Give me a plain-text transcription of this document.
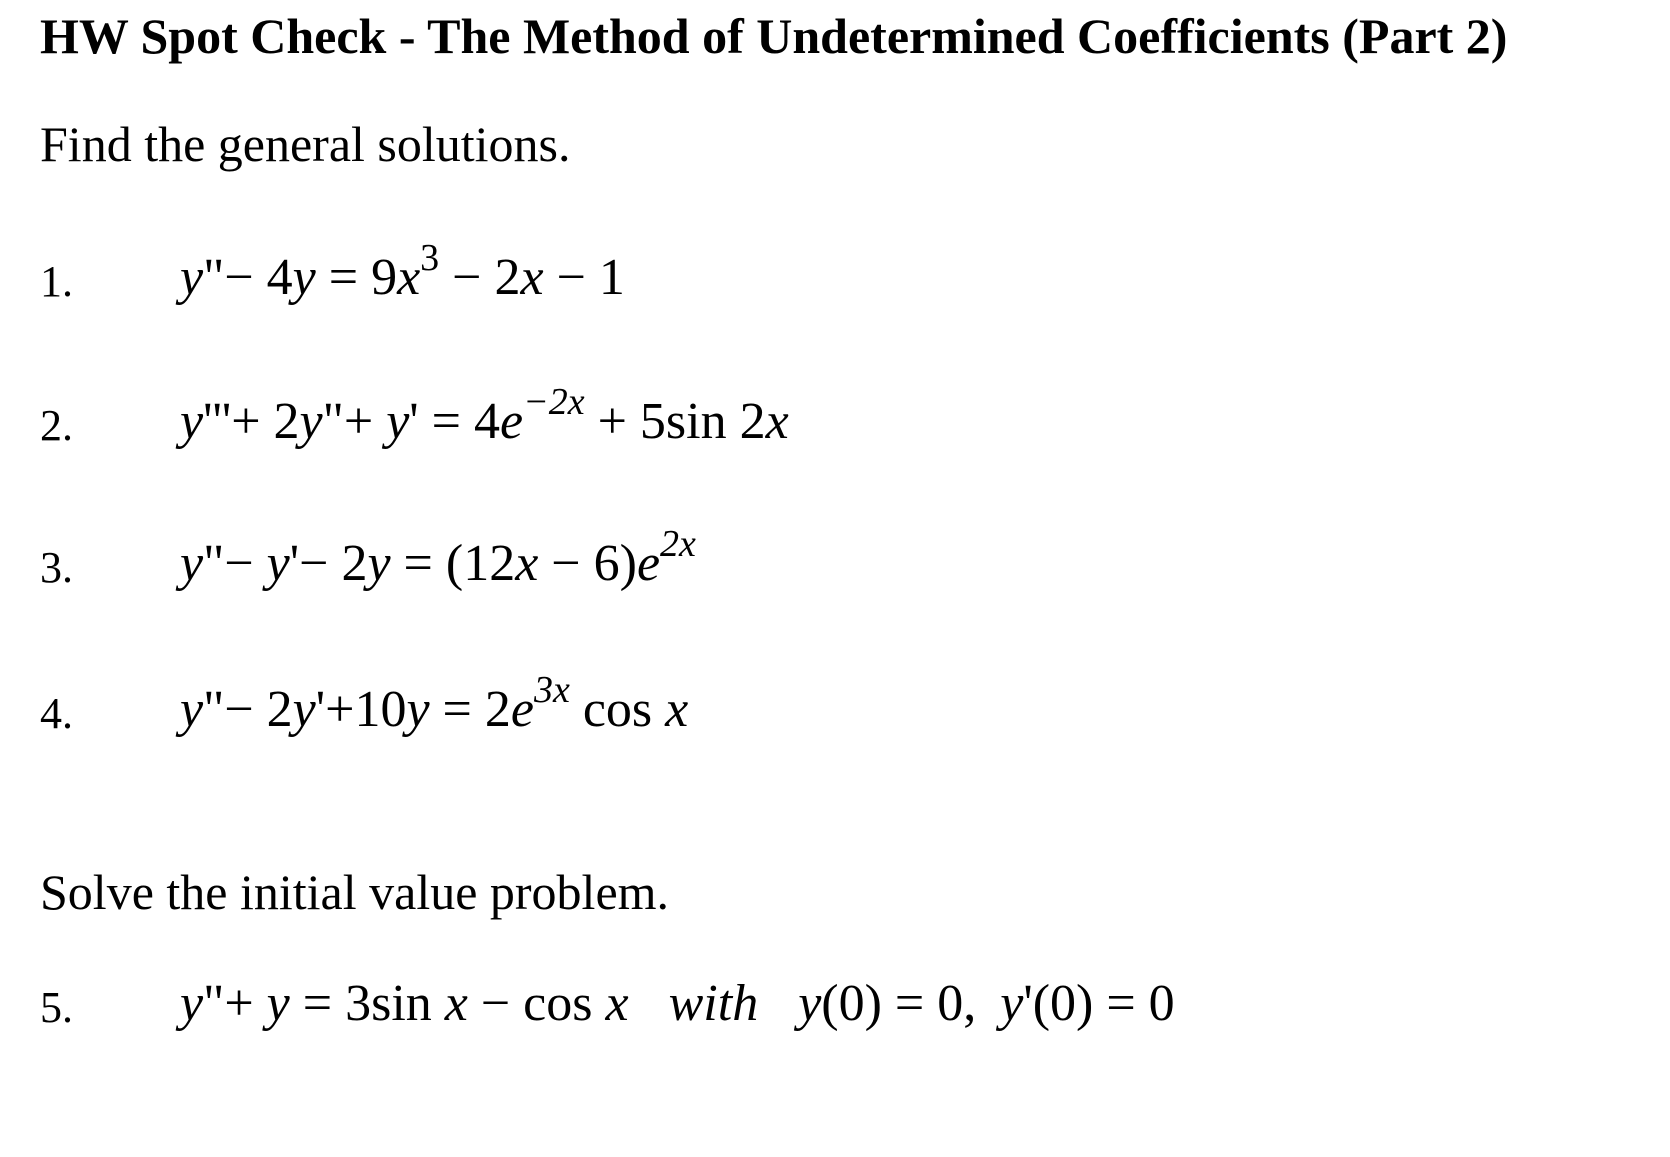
HW Spot Check - The Method of Undetermined Coefficients (Part 2)
Find the general solutions.
1. y"− $4y = 9x^3 - 2x - 1$
2. y'''+ 2y"+ $y' = 4e^{-2x} + 5\sin$ 2x
3. y"− $y'- 2y = (12x - 6)e^{2x}$
4. y"− $2y'+10y = 2e^{3x}$ cos x
Solve the initial value problem.
5. y"+ y = 3sin x − cos x with y(0) = 0, y'(0) = 0
